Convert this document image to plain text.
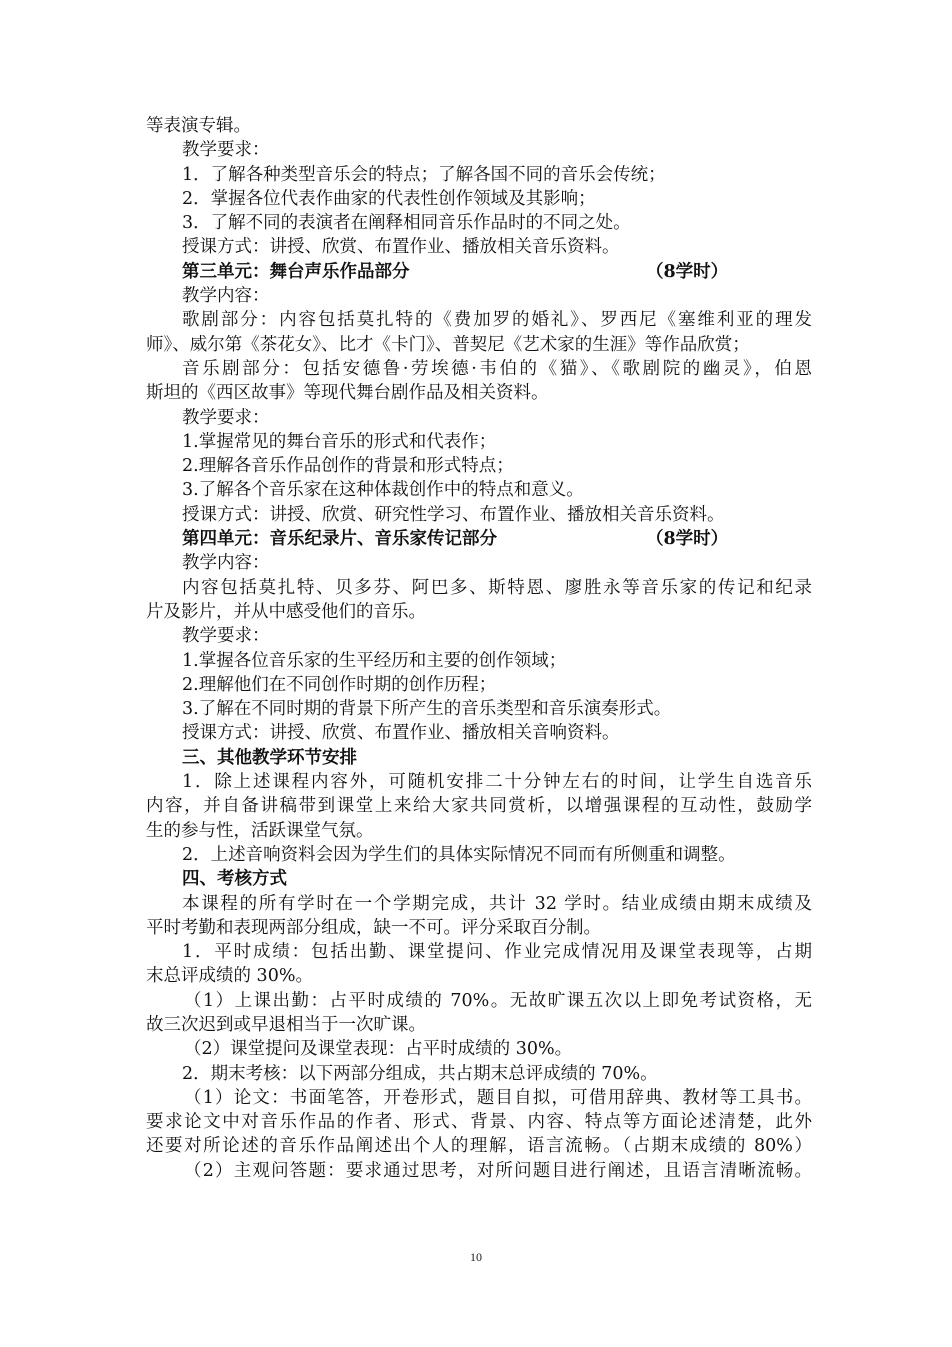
等表演专辑。
教学要求：
1．了解各种类型音乐会的特点；了解各国不同的音乐会传统；
2．掌握各位代表作曲家的代表性创作领域及其影响；
3．了解不同的表演者在阐释相同音乐作品时的不同之处。
授课方式：讲授、欣赏、布置作业、播放相关音乐资料。
第三单元：舞台声乐作品部分	（8学时）
教学内容：
歌剧部分：内容包括莫扎特的《费加罗的婚礼》、罗西尼《塞维利亚的理发
师》、威尔第《茶花女》、比才《卡门》、普契尼《艺术家的生涯》等作品欣赏；
音乐剧部分：包括安德鲁·劳埃德·韦伯的《猫》、《歌剧院的幽灵》，伯恩
斯坦的《西区故事》等现代舞台剧作品及相关资料。
教学要求：
1.掌握常见的舞台音乐的形式和代表作；
2.理解各音乐作品创作的背景和形式特点；
3.了解各个音乐家在这种体裁创作中的特点和意义。
授课方式：讲授、欣赏、研究性学习、布置作业、播放相关音乐资料。
第四单元：音乐纪录片、音乐家传记部分	（8学时）
教学内容：
内容包括莫扎特、贝多芬、阿巴多、斯特恩、廖胜永等音乐家的传记和纪录
片及影片，并从中感受他们的音乐。
教学要求：
1.掌握各位音乐家的生平经历和主要的创作领域；
2.理解他们在不同创作时期的创作历程；
3.了解在不同时期的背景下所产生的音乐类型和音乐演奏形式。
授课方式：讲授、欣赏、布置作业、播放相关音响资料。
三、其他教学环节安排
1．除上述课程内容外，可随机安排二十分钟左右的时间，让学生自选音乐
内容，并自备讲稿带到课堂上来给大家共同赏析，以增强课程的互动性，鼓励学
生的参与性，活跃课堂气氛。
2．上述音响资料会因为学生们的具体实际情况不同而有所侧重和调整。
四、考核方式
本课程的所有学时在一个学期完成，共计 32 学时。结业成绩由期末成绩及
平时考勤和表现两部分组成，缺一不可。评分采取百分制。
1．平时成绩：包括出勤、课堂提问、作业完成情况用及课堂表现等，占期
末总评成绩的 30%。
（1）上课出勤：占平时成绩的 70%。无故旷课五次以上即免考试资格，无
故三次迟到或早退相当于一次旷课。
（2）课堂提问及课堂表现：占平时成绩的 30%。
2．期末考核：以下两部分组成，共占期末总评成绩的 70%。
（1）论文：书面笔答，开卷形式，题目自拟，可借用辞典、教材等工具书。
要求论文中对音乐作品的作者、形式、背景、内容、特点等方面论述清楚，此外
还要对所论述的音乐作品阐述出个人的理解，语言流畅。（占期末成绩的 80%）
（2）主观问答题：要求通过思考，对所问题目进行阐述，且语言清晰流畅。
10
